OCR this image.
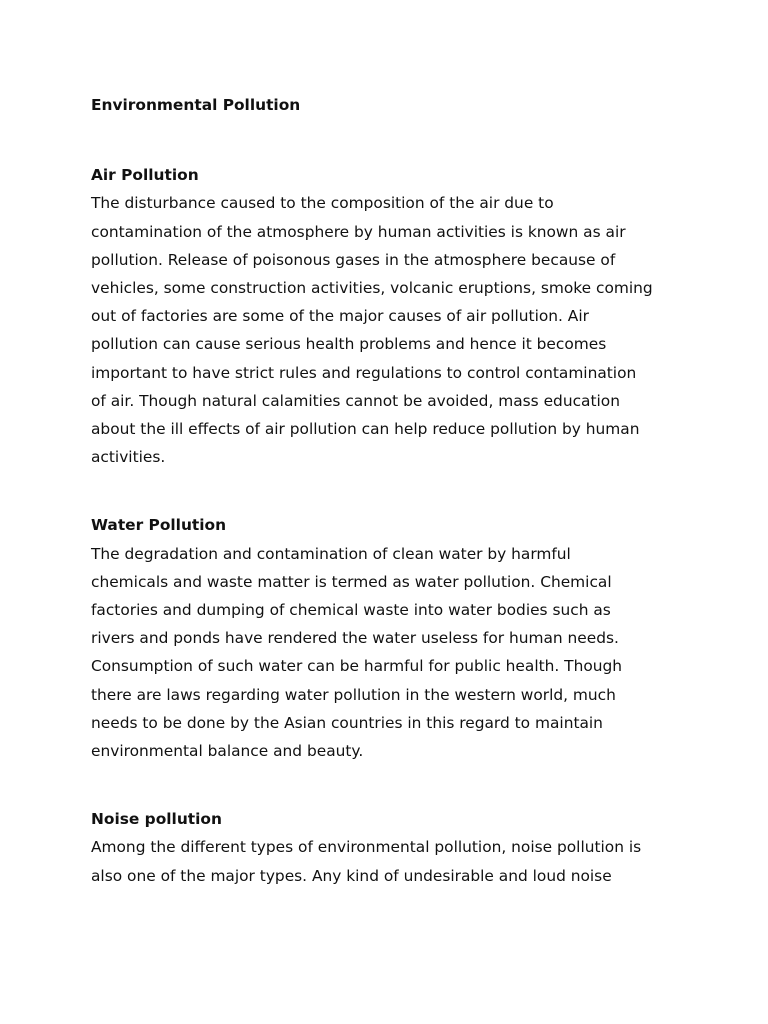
Environmental Pollution
Air Pollution

The disturbance caused to the composition of the air due to
contamination of the atmosphere by human activities is known as air
pollution. Release of poisonous gases in the atmosphere because of
vehicles, some construction activities, volcanic eruptions, smoke coming
out of factories are some of the major causes of air pollution. Air
pollution can cause serious health problems and hence it becomes
important to have strict rules and regulations to control contamination
of air. Though natural calamities cannot be avoided, mass education
about the ill effects of air pollution can help reduce pollution by human
activities.

Water Pollution

The degradation and contamination of clean water by harmful
chemicals and waste matter is termed as water pollution. Chemical
factories and dumping of chemical waste into water bodies such as
rivers and ponds have rendered the water useless for human needs.
Consumption of such water can be harmful for public health. Though
there are laws regarding water pollution in the western world, much
needs to be done by the Asian countries in this regard to maintain
environmental balance and beauty.

Noise pollution

Among the different types of environmental pollution, noise pollution is
also one of the major types. Any kind of undesirable and loud noise
